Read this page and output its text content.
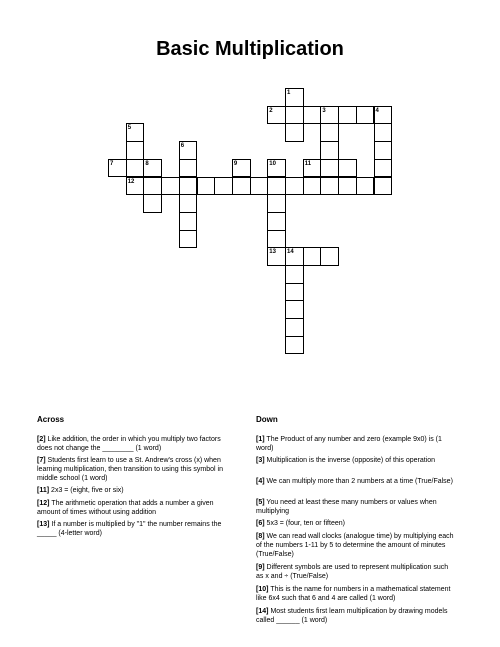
Basic Multiplication
1
2	3	4
5
6
7	8	9	10	11
12
13 14
Across	Down
[2] Like addition, the order in which you multiply two factors does not change the ________ (1 word)
[7] Students first learn to use a St. Andrew's cross (x) when learning multiplication, then transition to using this symbol in middle school (1 word)
[11] 2x3 = (eight, five or six)
[12] The arithmetic operation that adds a number a given amount of times without using addition
[13] If a number is multiplied by "1" the number remains the _____ (4-letter word)
[1] The Product of any number and zero (example 9x0) is (1 word)
[3] Multiplication is the inverse (opposite) of this operation
[4] We can multiply more than 2 numbers at a time (True/False)
[5] You need at least these many numbers or values when multiplying
[6] 5x3 = (four, ten or fifteen)
[8] We can read wall clocks (analogue time) by multiplying each of the numbers 1-11 by 5 to determine the amount of minutes (True/False)
[9] Different symbols are used to represent multiplication such as x and ÷ (True/False)
[10] This is the name for numbers in a mathematical statement like 6x4 such that 6 and 4 are called (1 word)
[14] Most students first learn multiplication by drawing models called ______ (1 word)
